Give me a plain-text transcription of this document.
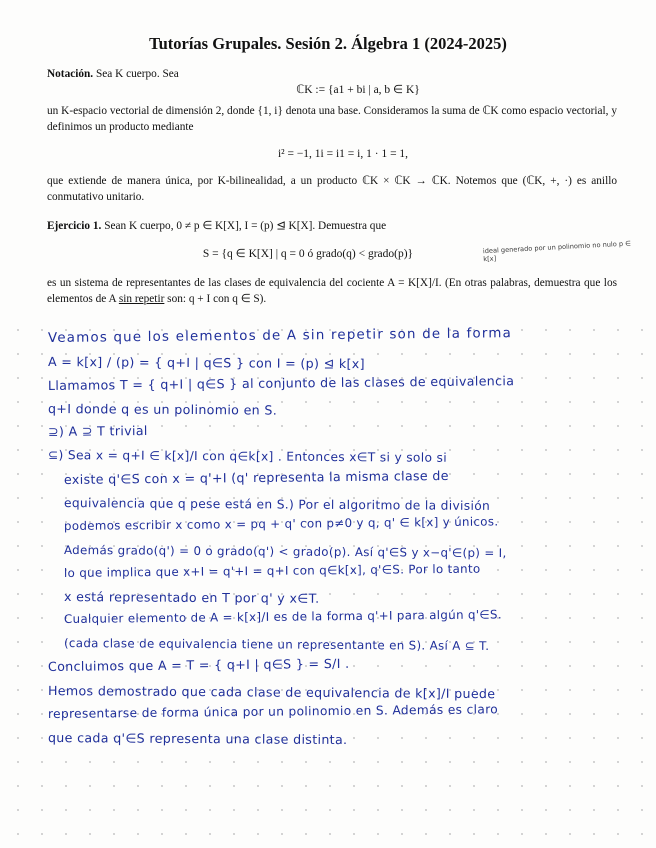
Tutorías Grupales. Sesión 2. Álgebra 1 (2024-2025)
Notación. Sea K cuerpo. Sea
ℂK := {a1 + bi | a, b ∈ K}
un K-espacio vectorial de dimensión 2, donde {1, i} denota una base. Consideramos la suma de ℂK como espacio vectorial, y definimos un producto mediante
i² = −1, 1i = i1 = i, 1 · 1 = 1,
que extiende de manera única, por K-bilinealidad, a un producto ℂK × ℂK → ℂK. Notemos que (ℂK, +, ·) es anillo conmutativo unitario.
Ejercicio 1. Sean K cuerpo, 0 ≠ p ∈ K[X], I = (p) ⊴ K[X]. Demuestra que
S = {q ∈ K[X] | q = 0 ó grado(q) < grado(p)}	ideal generado por un polinomio no nulo p ∈ k[x]
es un sistema de representantes de las clases de equivalencia del cociente A = K[X]/I. (En otras palabras, demuestra que los elementos de A sin repetir son: q + I con q ∈ S).
Veamos que los elementos de A sin repetir son de la forma
A = k[x] / (p) = { q+I | q∈S } con I = (p) ⊴ k[x]
Llamamos T = { q+I | q∈S } al conjunto de las clases de equivalencia
q+I donde q es un polinomio en S.
⊇) A ⊇ T trivial
⊆) Sea x = q+I ∈ k[x]/I con q∈k[x] . Entonces x∈T si y solo si
existe q'∈S con x = q'+I (q' representa la misma clase de
equivalencia que q pese está en S.) Por el algoritmo de la división
podemos escribir x como x = pq + q' con p≠0 y q, q' ∈ k[x] y únicos.
Además grado(q') = 0 o grado(q') < grado(p). Así q'∈S y x−q'∈(p) = I,
lo que implica que x+I = q'+I = q+I con q∈k[x], q'∈S. Por lo tanto
x está representado en T por q' y x∈T.
Cualquier elemento de A = k[x]/I es de la forma q'+I para algún q'∈S.
(cada clase de equivalencia tiene un representante en S). Así A ⊆ T.
Concluimos que A = T = { q+I | q∈S } = S/I .
Hemos demostrado que cada clase de equivalencia de k[x]/I puede
representarse de forma única por un polinomio en S. Además es claro
que cada q'∈S representa una clase distinta.
